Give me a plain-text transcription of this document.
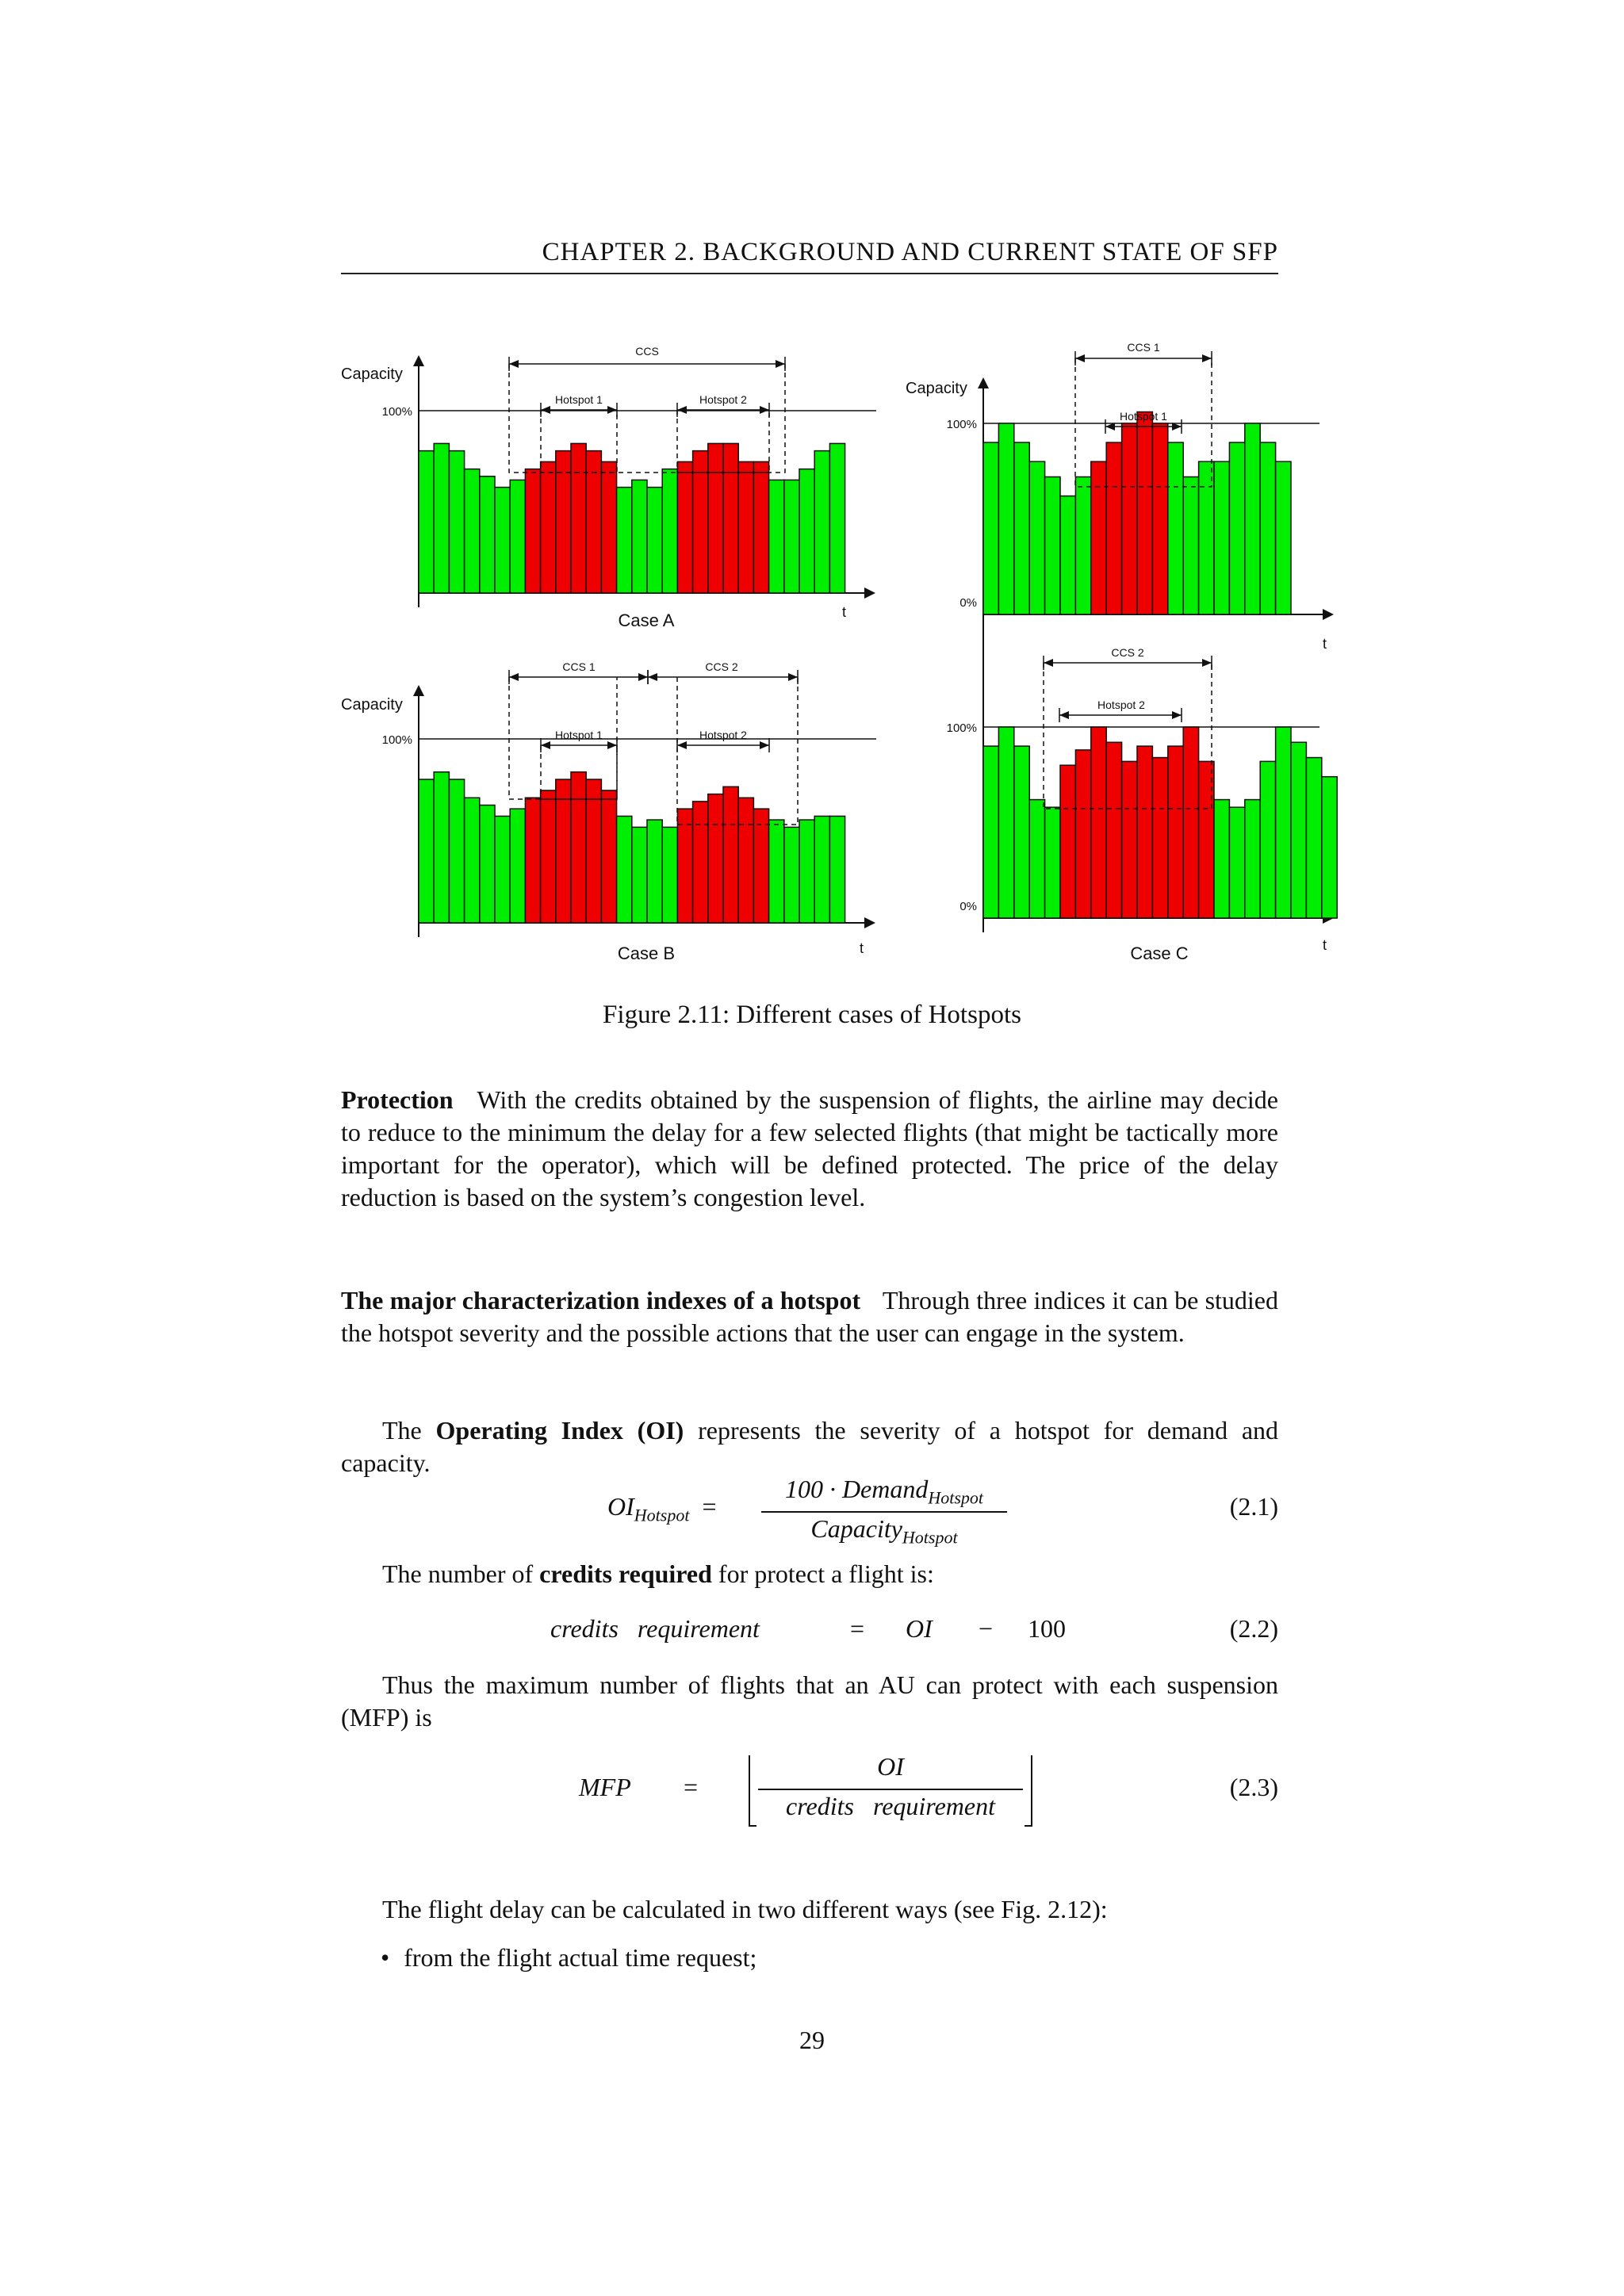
CHAPTER 2. BACKGROUND AND CURRENT STATE OF SFP
Capacity
100%
t
Case A
CCS
Hotspot 1	Hotspot 2
Capacity
100%
t
Case B
CCS 1	CCS 2
Hotspot 1	Hotspot 2
Capacity
100%
0%
t
CCS 1
Hotspot 1
100%
0%
t
Case C
CCS 2
Hotspot 2
Figure 2.11: Different cases of Hotspots
Protection With the credits obtained by the suspension of flights, the airline may decide to reduce to the minimum the delay for a few selected flights (that might be tactically more important for the operator), which will be defined protected. The price of the delay reduction is based on the system’s congestion level.
The major characterization indexes of a hotspot Through three indices it can be studied the hotspot severity and the possible actions that the user can engage in the system.
The Operating Index (OI) represents the severity of a hotspot for demand and capacity.
$OI_{Hotspot}$ =
100 · Demand$_{Hotspot}$
Capacity$_{Hotspot}$
(2.1)
The number of credits required for protect a flight is:
credits   requirement	= OI − 100	(2.2)
Thus the maximum number of flights that an AU can protect with each suspension (MFP) is
MFP =
OI
credits   requirement
(2.3)
The flight delay can be calculated in two different ways (see Fig. 2.12):
• from the flight actual time request;
29
